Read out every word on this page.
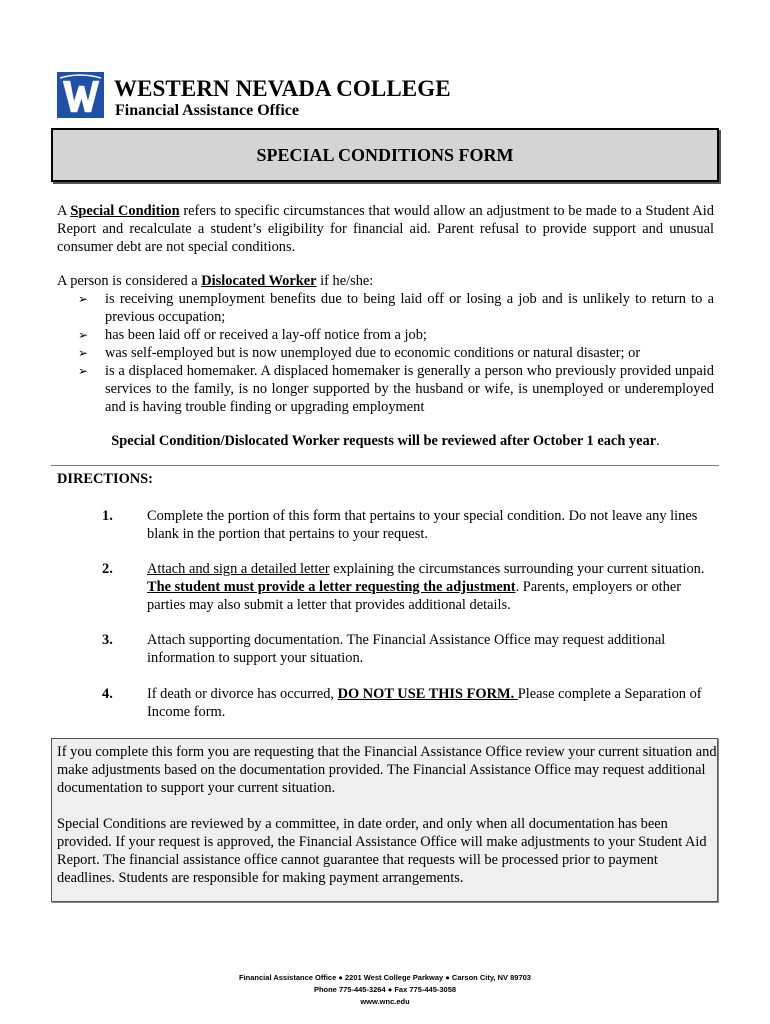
WESTERN NEVADA COLLEGE
Financial Assistance Office
SPECIAL CONDITIONS FORM
A Special Condition refers to specific circumstances that would allow an adjustment to be made to a Student Aid Report and recalculate a student’s eligibility for financial aid. Parent refusal to provide support and unusual consumer debt are not special conditions.
A person is considered a Dislocated Worker if he/she:
➢ is receiving unemployment benefits due to being laid off or losing a job and is unlikely to return to a previous occupation;
➢ has been laid off or received a lay-off notice from a job;
➢ was self-employed but is now unemployed due to economic conditions or natural disaster; or
➢ is a displaced homemaker. A displaced homemaker is generally a person who previously provided unpaid services to the family, is no longer supported by the husband or wife, is unemployed or underemployed and is having trouble finding or upgrading employment
Special Condition/Dislocated Worker requests will be reviewed after October 1 each year.
DIRECTIONS:
1. Complete the portion of this form that pertains to your special condition. Do not leave any lines blank in the portion that pertains to your request.
2. Attach and sign a detailed letter explaining the circumstances surrounding your current situation. The student must provide a letter requesting the adjustment. Parents, employers or other parties may also submit a letter that provides additional details.
3. Attach supporting documentation. The Financial Assistance Office may request additional information to support your situation.
4. If death or divorce has occurred, DO NOT USE THIS FORM. Please complete a Separation of Income form.

If you complete this form you are requesting that the Financial Assistance Office review your current situation and make adjustments based on the documentation provided. The Financial Assistance Office may request additional documentation to support your current situation.

Special Conditions are reviewed by a committee, in date order, and only when all documentation has been provided. If your request is approved, the Financial Assistance Office will make adjustments to your Student Aid Report. The financial assistance office cannot guarantee that requests will be processed prior to payment deadlines. Students are responsible for making payment arrangements.

Financial Assistance Office ● 2201 West College Parkway ● Carson City, NV 89703
Phone 775-445-3264 ● Fax 775-445-3058
www.wnc.edu
